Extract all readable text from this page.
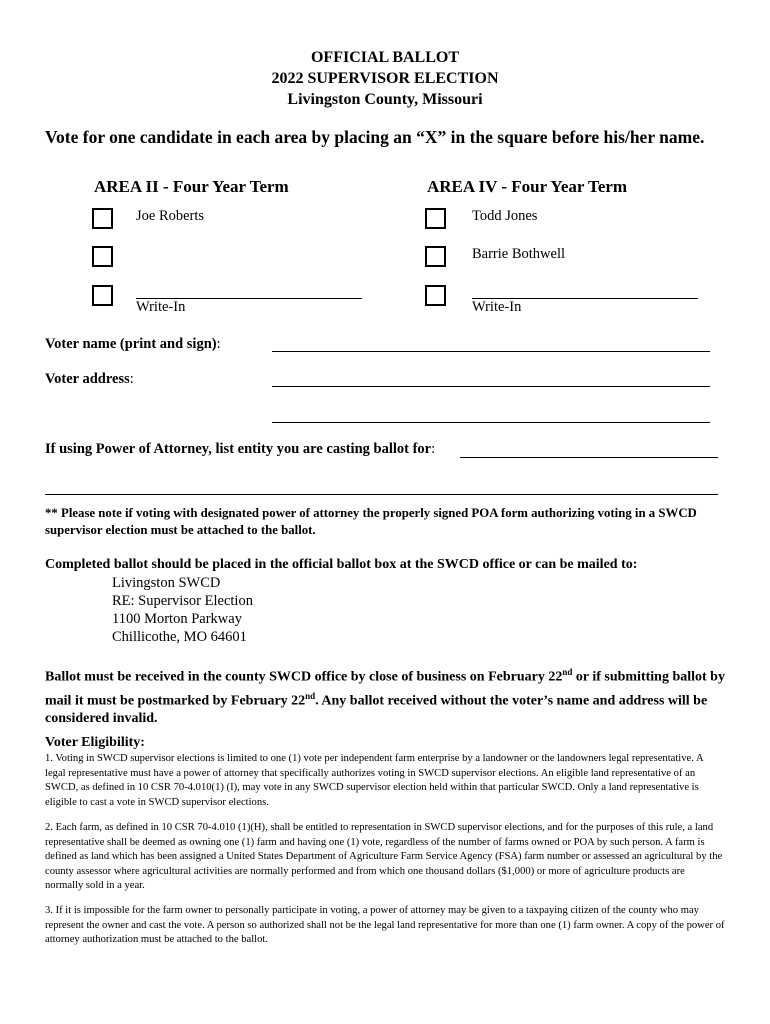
OFFICIAL BALLOT
2022 SUPERVISOR ELECTION
Livingston County, Missouri
Vote for one candidate in each area by placing an “X” in the square before his/her name.
AREA II - Four Year Term
Joe Roberts
Write-In
AREA IV - Four Year Term
Todd Jones
Barrie Bothwell
Write-In
Voter name (print and sign):
Voter address:
If using Power of Attorney, list entity you are casting ballot for:
** Please note if voting with designated power of attorney the properly signed POA form authorizing voting in a SWCD supervisor election must be attached to the ballot.
Completed ballot should be placed in the official ballot box at the SWCD office or can be mailed to:
Livingston SWCD
RE: Supervisor Election
1100 Morton Parkway
Chillicothe, MO 64601
Ballot must be received in the county SWCD office by close of business on February 22nd or if submitting ballot by mail it must be postmarked by February 22nd. Any ballot received without the voter’s name and address will be considered invalid.
Voter Eligibility:
1. Voting in SWCD supervisor elections is limited to one (1) vote per independent farm enterprise by a landowner or the landowners legal representative. A legal representative must have a power of attorney that specifically authorizes voting in SWCD supervisor elections. An eligible land representative of an SWCD, as defined in 10 CSR 70-4.010(1) (I), may vote in any SWCD supervisor election held within that particular SWCD. Only a land representative is eligible to cast a vote in SWCD supervisor elections.
2. Each farm, as defined in 10 CSR 70-4.010 (1)(H), shall be entitled to representation in SWCD supervisor elections, and for the purposes of this rule, a land representative shall be deemed as owning one (1) farm and having one (1) vote, regardless of the number of farms owned or POA by such person. A farm is defined as land which has been assigned a United States Department of Agriculture Farm Service Agency (FSA) farm number or assessed an agricultural by the county assessor where agricultural activities are normally performed and from which one thousand dollars ($1,000) or more of agriculture products are normally sold in a year.
3. If it is impossible for the farm owner to personally participate in voting, a power of attorney may be given to a taxpaying citizen of the county who may represent the owner and cast the vote. A person so authorized shall not be the legal land representative for more than one (1) farm owner. A copy of the power of attorney authorization must be attached to the ballot.
